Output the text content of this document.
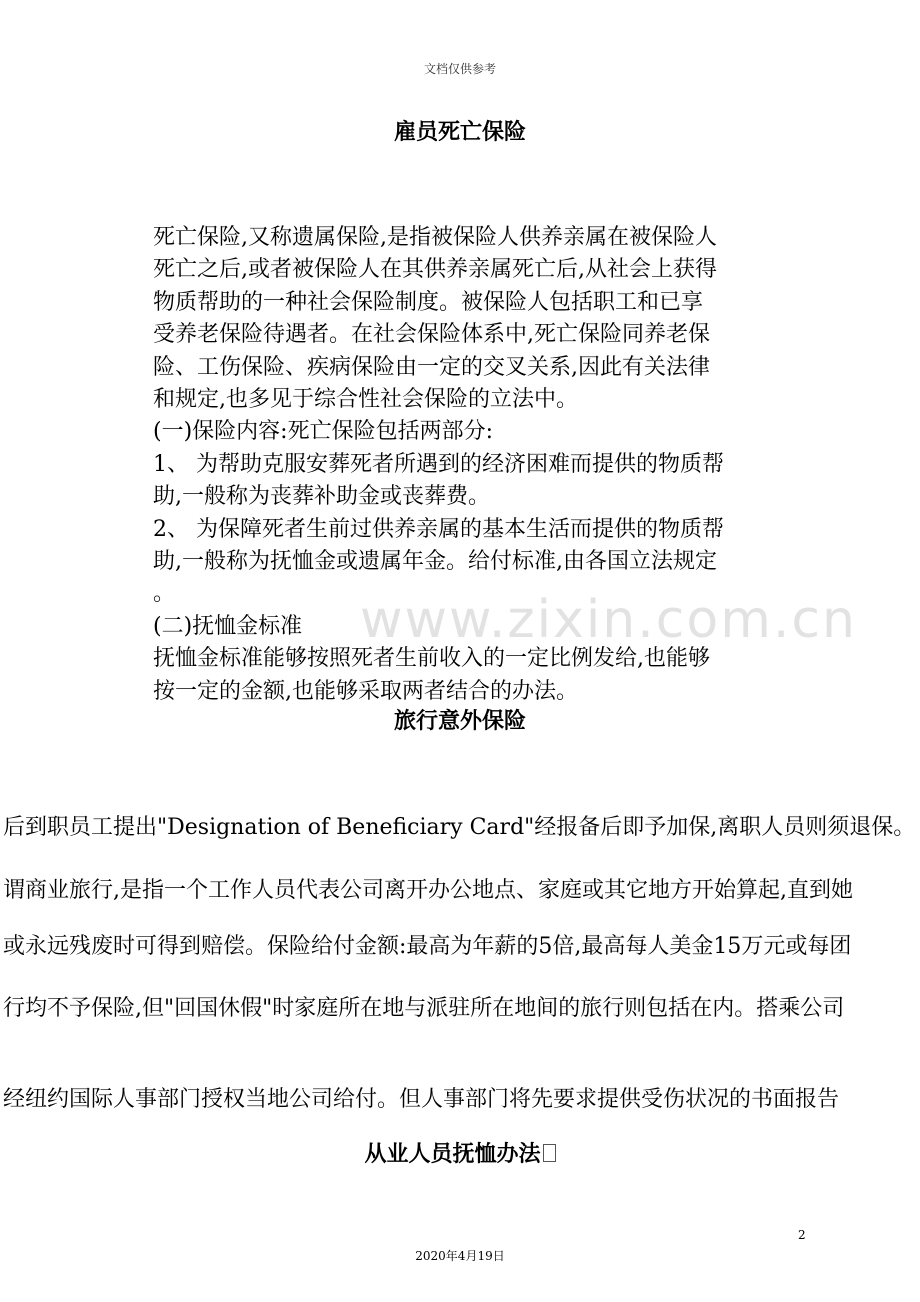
www.zixin.com.cn
文档仅供参考
雇员死亡保险
死亡保险,又称遗属保险,是指被保险人供养亲属在被保险人
死亡之后,或者被保险人在其供养亲属死亡后,从社会上获得
物质帮助的一种社会保险制度。被保险人包括职工和已享
受养老保险待遇者。在社会保险体系中,死亡保险同养老保
险、工伤保险、疾病保险由一定的交叉关系,因此有关法律
和规定,也多见于综合性社会保险的立法中。
(一)保险内容:死亡保险包括两部分:
1、 为帮助克服安葬死者所遇到的经济困难而提供的物质帮
助,一般称为丧葬补助金或丧葬费。
2、 为保障死者生前过供养亲属的基本生活而提供的物质帮
助,一般称为抚恤金或遗属年金。给付标准,由各国立法规定
。
(二)抚恤金标准
抚恤金标准能够按照死者生前收入的一定比例发给,也能够
按一定的金额,也能够采取两者结合的办法。
旅行意外保险
后到职员工提出"Designation of Beneficiary Card"经报备后即予加保,离职人员则须退保。
谓商业旅行,是指一个工作人员代表公司离开办公地点、家庭或其它地方开始算起,直到她
或永远残废时可得到赔偿。保险给付金额:最高为年薪的5倍,最高每人美金15万元或每团
行均不予保险,但"回国休假"时家庭所在地与派驻所在地间的旅行则包括在内。搭乘公司
经纽约国际人事部门授权当地公司给付。但人事部门将先要求提供受伤状况的书面报告
从业人员抚恤办法
2
2020年4月19日
